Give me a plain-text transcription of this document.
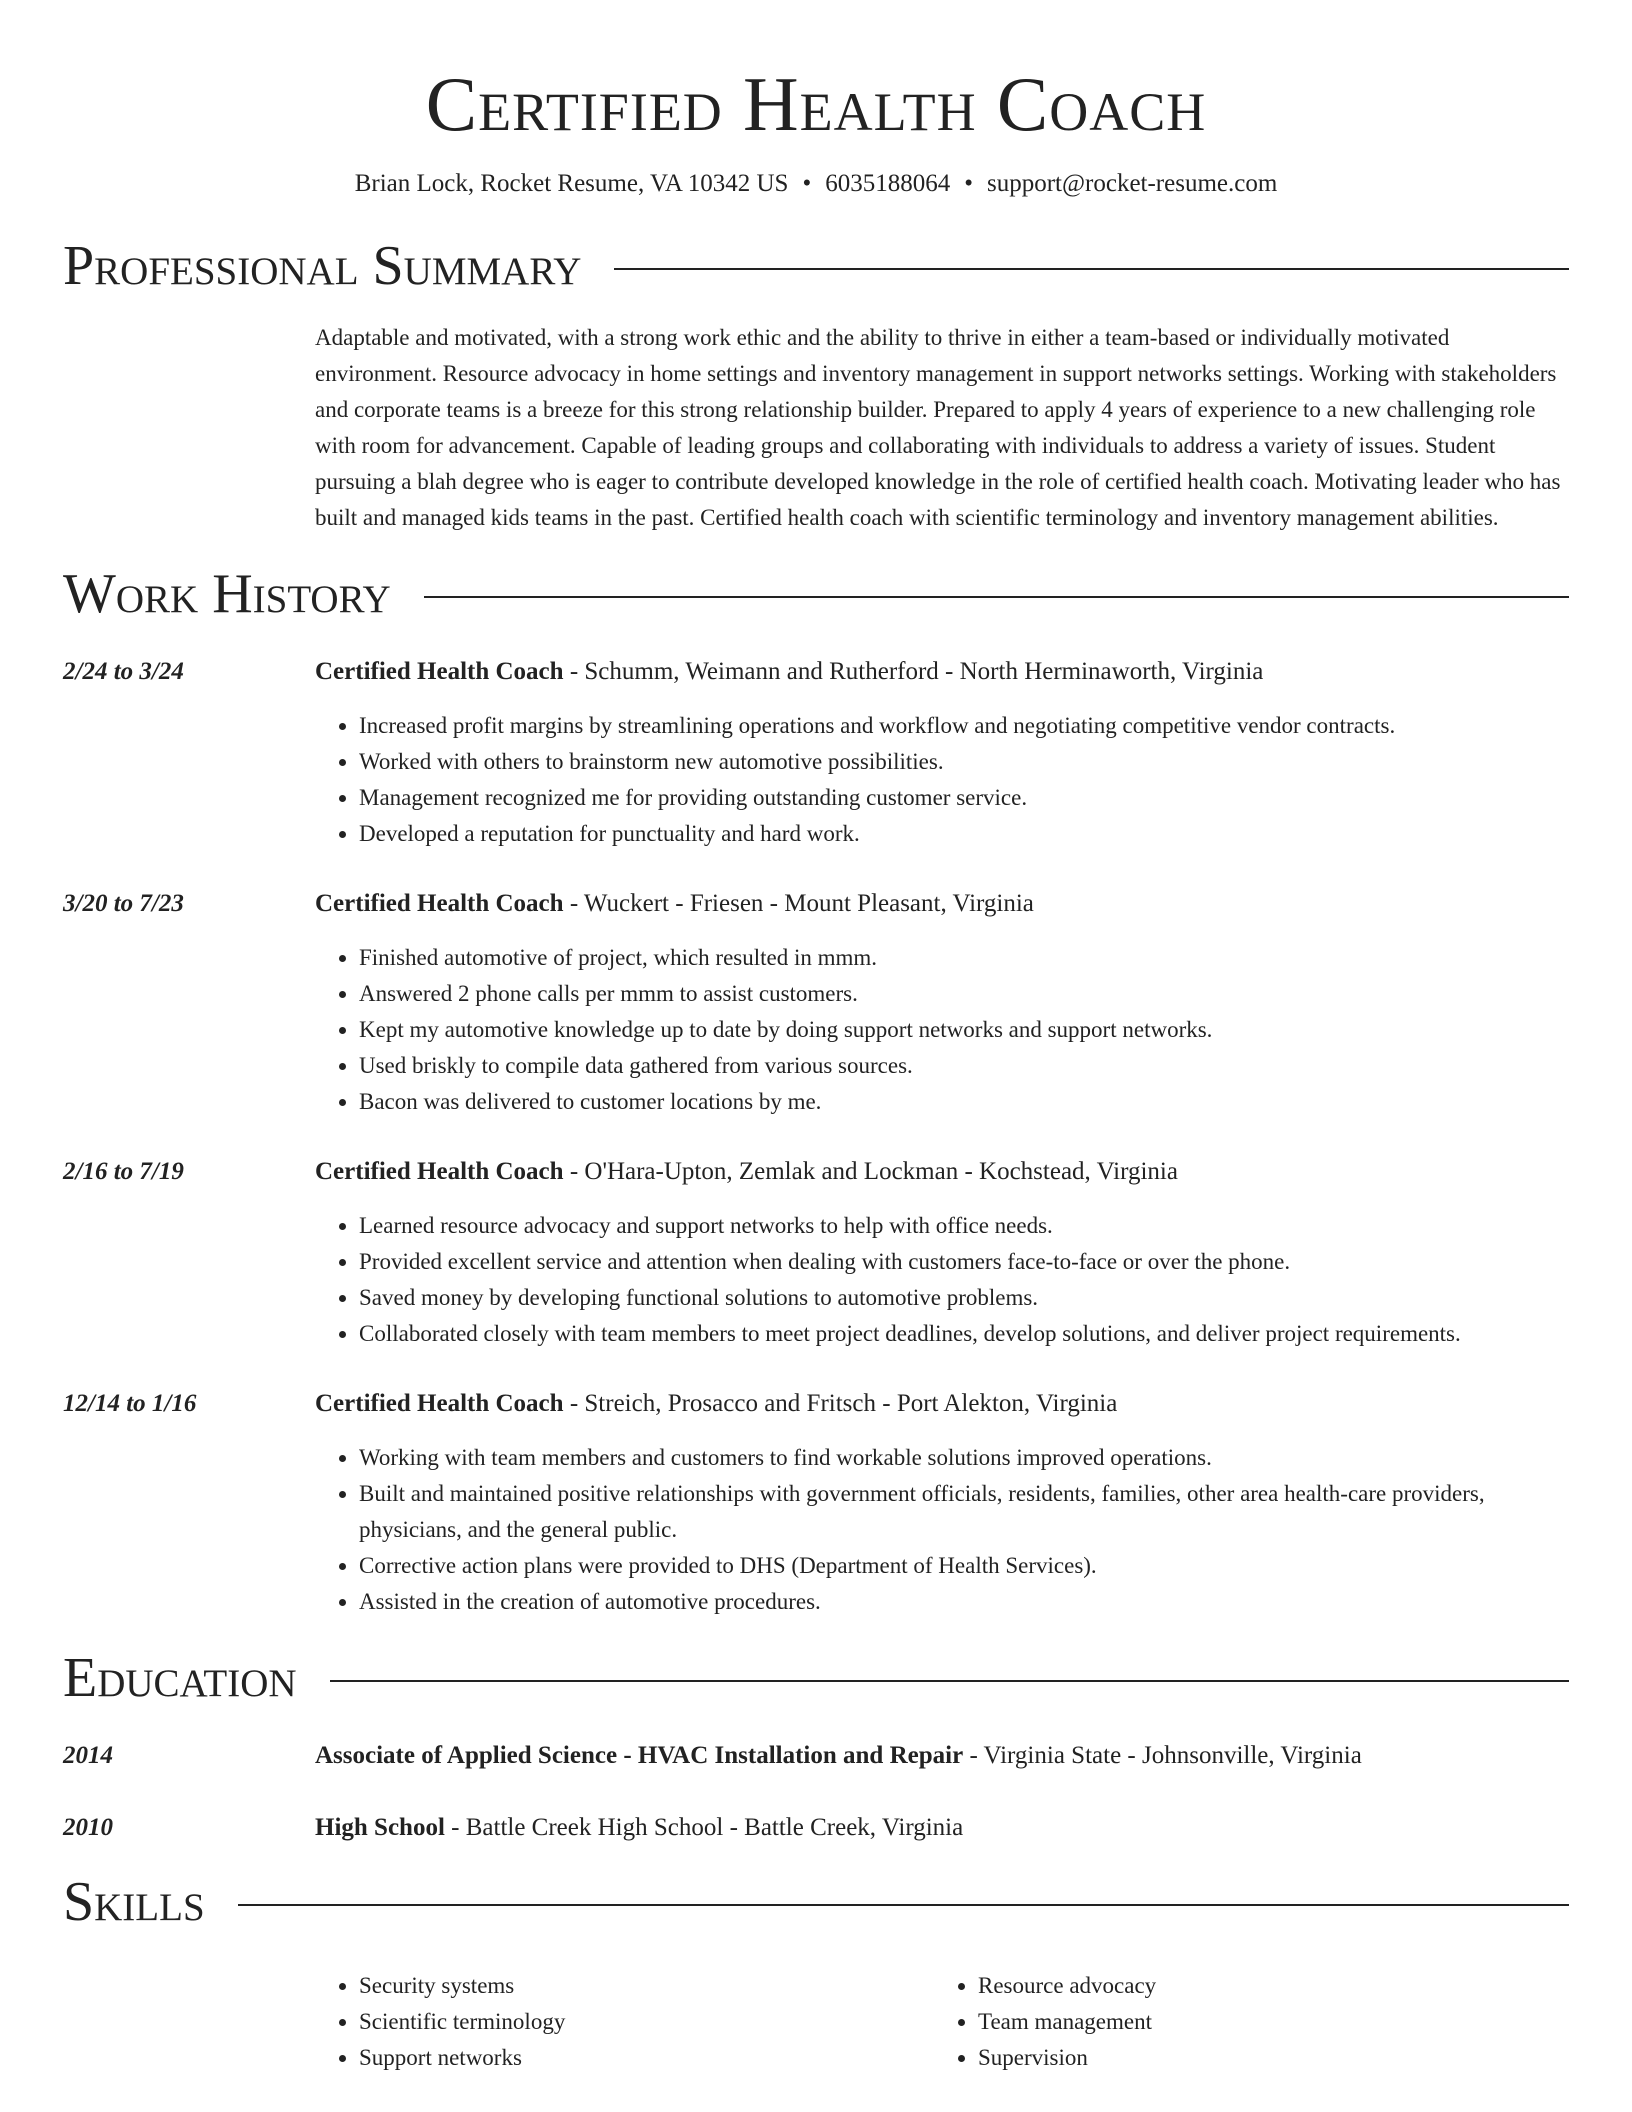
Certified Health Coach
Brian Lock, Rocket Resume, VA 10342 US • 6035188064 • support@rocket-resume.com
Professional Summary

Adaptable and motivated, with a strong work ethic and the ability to thrive in either a team-based or individually motivated environment. Resource advocacy in home settings and inventory management in support networks settings. Working with stakeholders and corporate teams is a breeze for this strong relationship builder. Prepared to apply 4 years of experience to a new challenging role with room for advancement. Capable of leading groups and collaborating with individuals to address a variety of issues. Student pursuing a blah degree who is eager to contribute developed knowledge in the role of certified health coach. Motivating leader who has built and managed kids teams in the past. Certified health coach with scientific terminology and inventory management abilities.

Work History
2/24 to 3/24	Certified Health Coach - Schumm, Weimann and Rutherford - North Herminaworth, Virginia
• Increased profit margins by streamlining operations and workflow and negotiating competitive vendor contracts.
• Worked with others to brainstorm new automotive possibilities.
• Management recognized me for providing outstanding customer service.
• Developed a reputation for punctuality and hard work.
3/20 to 7/23	Certified Health Coach - Wuckert - Friesen - Mount Pleasant, Virginia
• Finished automotive of project, which resulted in mmm.
• Answered 2 phone calls per mmm to assist customers.
• Kept my automotive knowledge up to date by doing support networks and support networks.
• Used briskly to compile data gathered from various sources.
• Bacon was delivered to customer locations by me.
2/16 to 7/19	Certified Health Coach - O'Hara-Upton, Zemlak and Lockman - Kochstead, Virginia
• Learned resource advocacy and support networks to help with office needs.
• Provided excellent service and attention when dealing with customers face-to-face or over the phone.
• Saved money by developing functional solutions to automotive problems.
• Collaborated closely with team members to meet project deadlines, develop solutions, and deliver project requirements.
12/14 to 1/16	Certified Health Coach - Streich, Prosacco and Fritsch - Port Alekton, Virginia
• Working with team members and customers to find workable solutions improved operations.
• Built and maintained positive relationships with government officials, residents, families, other area health-care providers, physicians, and the general public.
• Corrective action plans were provided to DHS (Department of Health Services).
• Assisted in the creation of automotive procedures.
Education
2014	Associate of Applied Science - HVAC Installation and Repair - Virginia State - Johnsonville, Virginia
2010	High School - Battle Creek High School - Battle Creek, Virginia
Skills
• Security systems
• Scientific terminology
• Support networks
• Resource advocacy
• Team management
• Supervision
